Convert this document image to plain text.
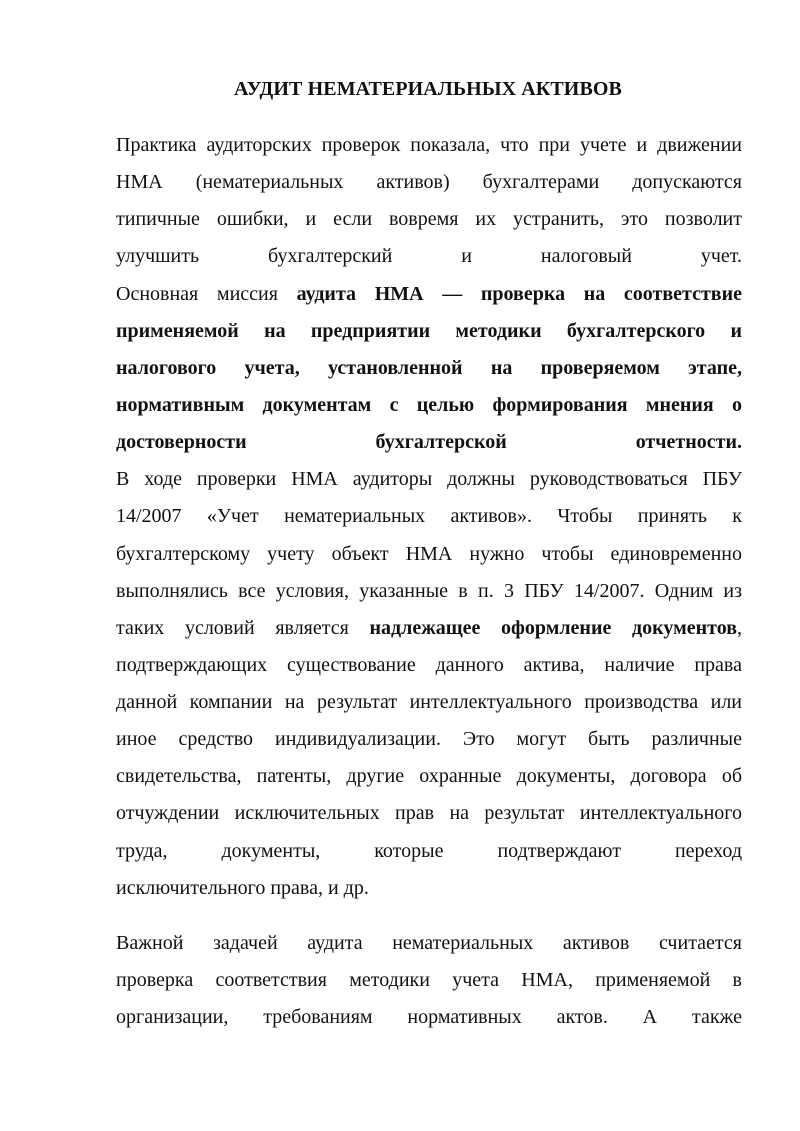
АУДИТ НЕМАТЕРИАЛЬНЫХ АКТИВОВ
Практика аудиторских проверок показала, что при учете и движении
НМА (нематериальных активов) бухгалтерами допускаются
типичные ошибки, и если вовремя их устранить, это позволит
улучшить бухгалтерский и налоговый учет.
Основная миссия аудита НМА — проверка на соответствие
применяемой на предприятии методики бухгалтерского и
налогового учета, установленной на проверяемом этапе,
нормативным документам с целью формирования мнения о
достоверности бухгалтерской отчетности.
В ходе проверки НМА аудиторы должны руководствоваться ПБУ
14/2007 «Учет нематериальных активов». Чтобы принять к
бухгалтерскому учету объект НМА нужно чтобы единовременно
выполнялись все условия, указанные в п. 3 ПБУ 14/2007. Одним из
таких условий является надлежащее оформление документов,
подтверждающих существование данного актива, наличие права
данной компании на результат интеллектуального производства или
иное средство индивидуализации. Это могут быть различные
свидетельства, патенты, другие охранные документы, договора об
отчуждении исключительных прав на результат интеллектуального
труда, документы, которые подтверждают переход
исключительного права, и др.
Важной задачей аудита нематериальных активов считается
проверка соответствия методики учета НМА, применяемой в
организации, требованиям нормативных актов. А также
